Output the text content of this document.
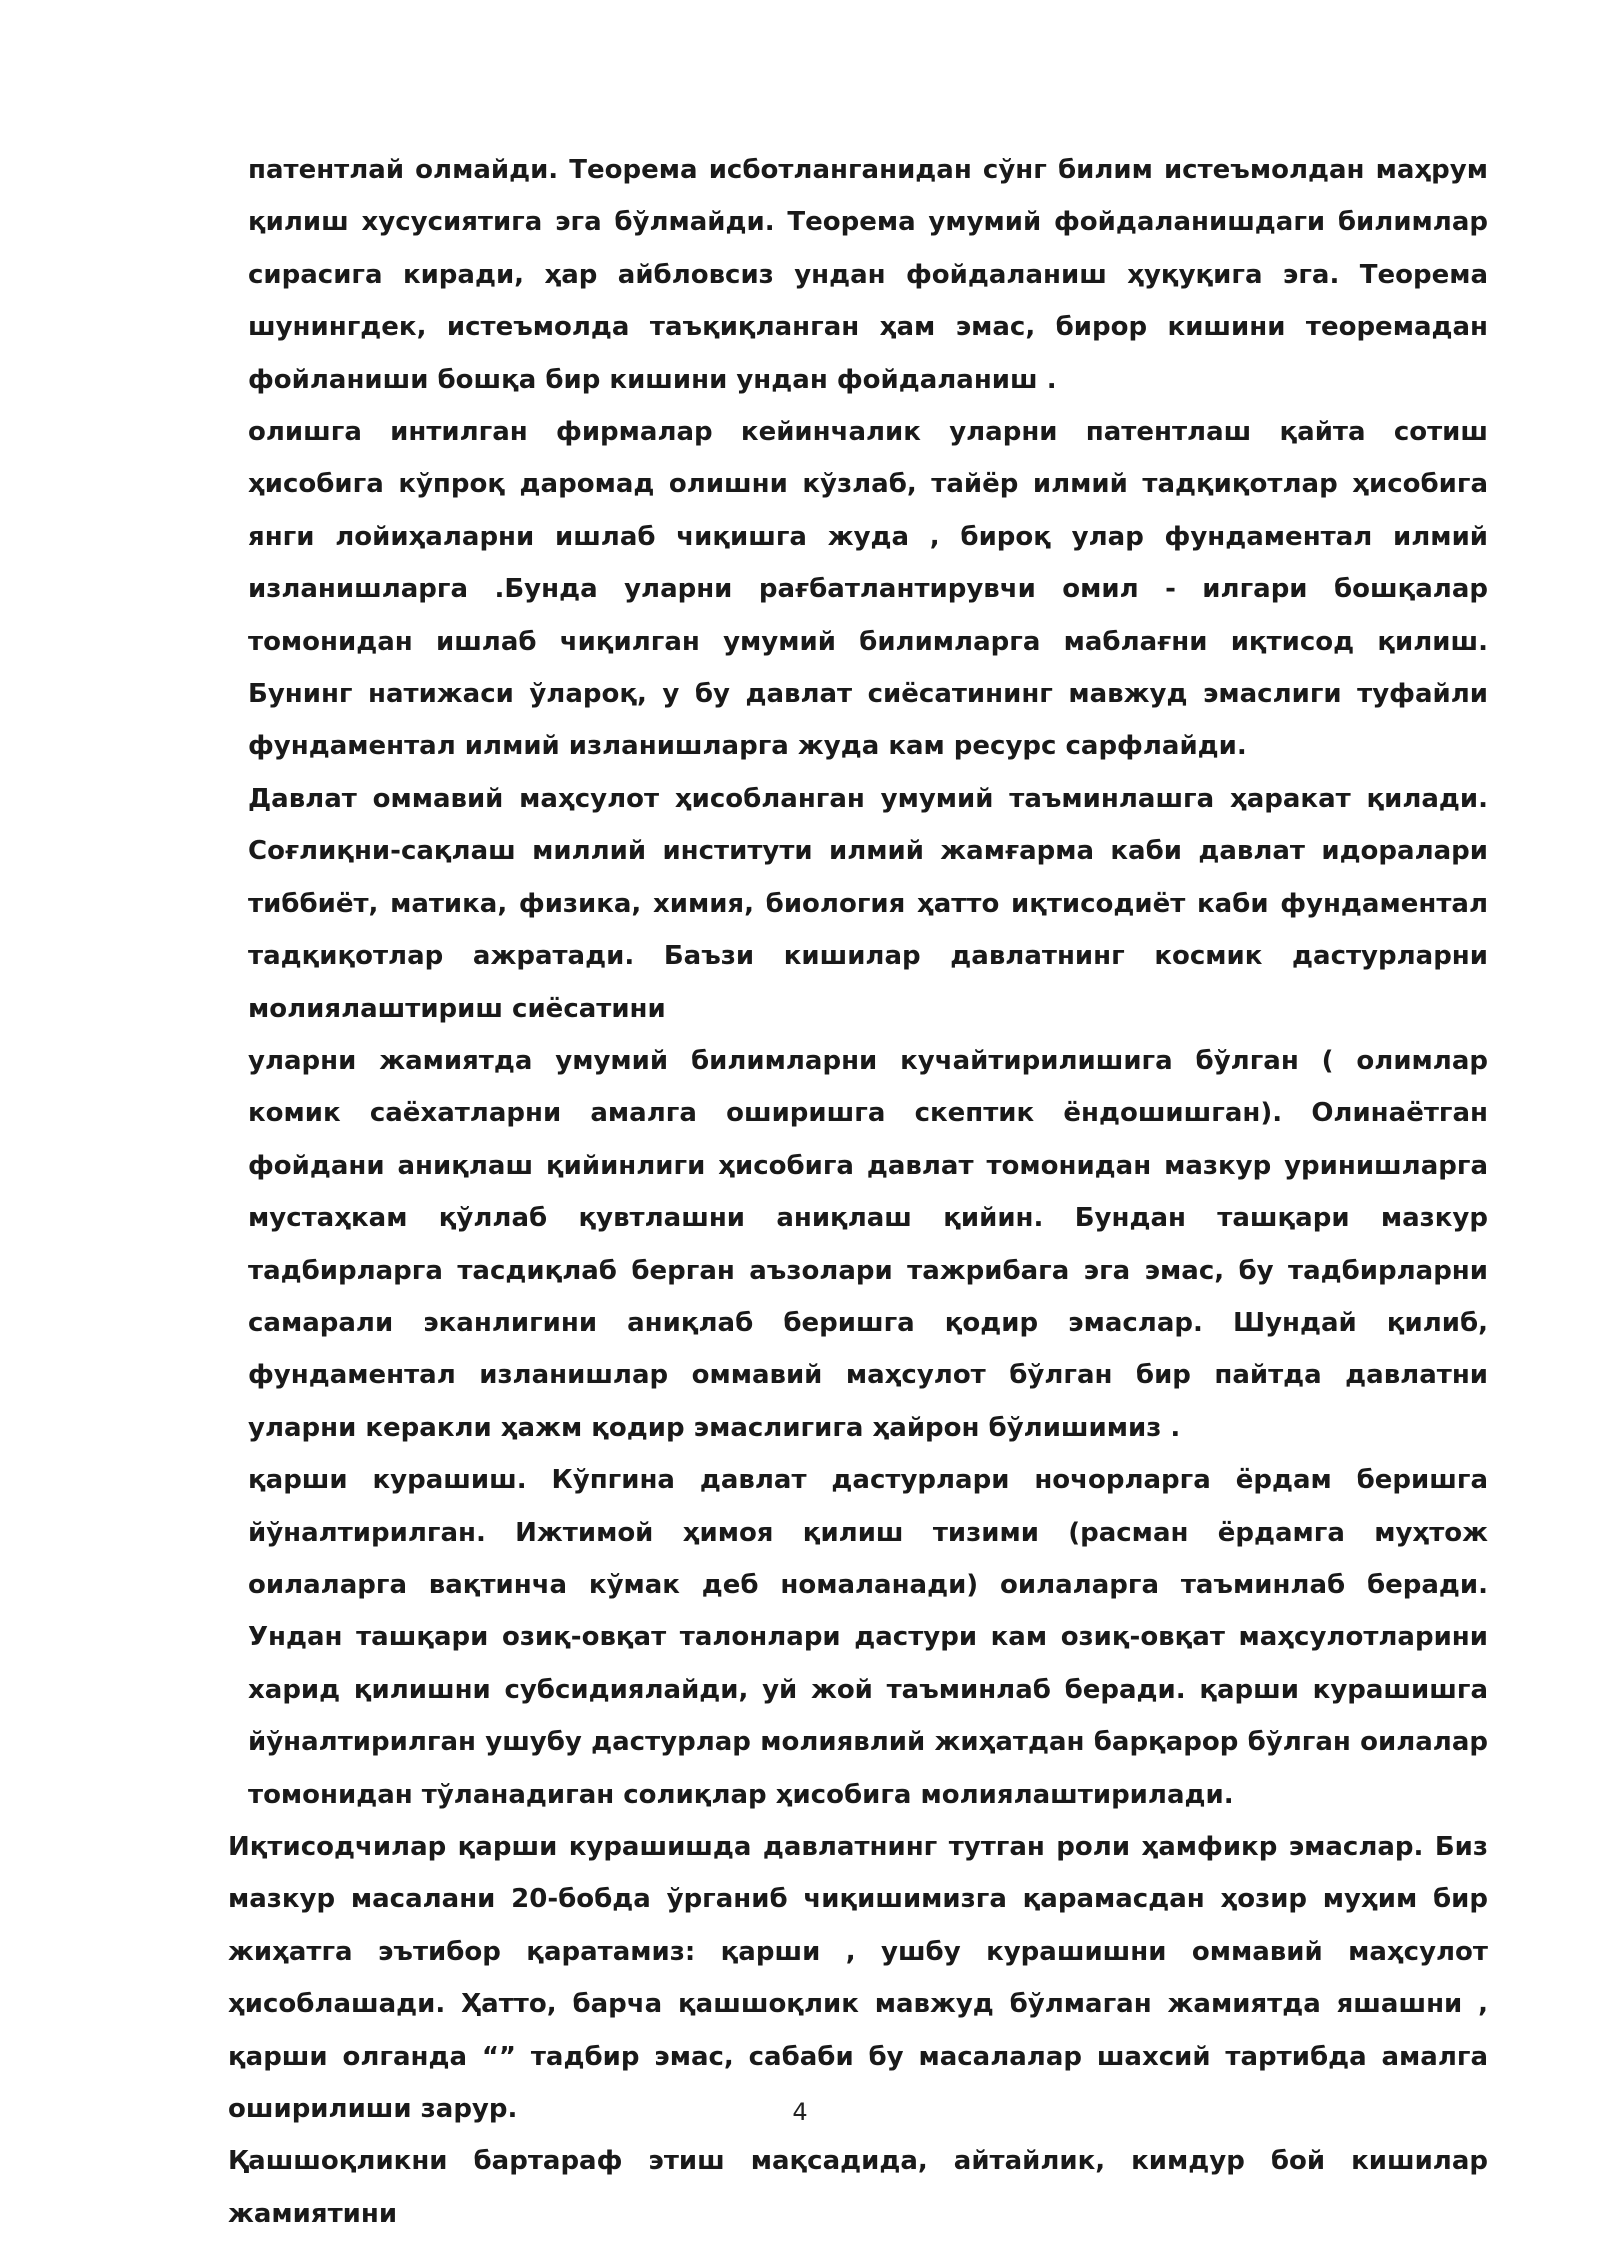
патентлай олмайди. Теорема исботланганидан сўнг билим истеъмолдан маҳрум қилиш хусусиятига эга бўлмайди. Теорема умумий фойдаланишдаги билимлар сирасига киради, ҳар айбловсиз ундан фойдаланиш ҳуқуқига эга. Теорема шунингдек, истеъмолда таъқиқланган ҳам эмас, бирор кишини теоремадан фойланиши бошқа бир кишини ундан фойдаланиш .

олишга интилган фирмалар кейинчалик уларни патентлаш қайта сотиш ҳисобига кўпроқ даромад олишни кўзлаб, тайёр илмий тадқиқотлар ҳисобига янги лойиҳаларни ишлаб чиқишга жуда , бироқ улар фундаментал илмий изланишларга .Бунда уларни рағбатлантирувчи омил - илгари бошқалар томонидан ишлаб чиқилган умумий билимларга маблағни иқтисод қилиш. Бунинг натижаси ўларoқ, у бу давлат сиёсатининг мавжуд эмаслиги туфайли фундаментал илмий изланишларга жуда кам ресурс сарфлайди.

Давлат оммавий маҳсулот ҳисобланган умумий таъминлашга ҳаракат қилади. Соғлиқни-сақлаш миллий институти илмий жамғарма каби давлат идоралари тиббиёт, матика, физика, химия, биология ҳатто иқтисодиёт каби фундаментал тадқиқотлар ажратади. Баъзи кишилар давлатнинг космик дастурларни молиялаштириш сиёсатини

уларни жамиятда умумий билимларни кучайтирилишига бўлган ( олимлар комик саёхатларни амалга оширишга скептик ёндошишган). Олинаётган фойдани аниқлаш қийинлиги ҳисобига давлат томонидан мазкур уринишларга мустаҳкам қўллаб қувтлашни аниқлаш қийин. Бундан ташқари мазкур тадбирларга тасдиқлаб берган аъзолари тажрибага эга эмас, бу тадбирларни самарали эканлигини аниқлаб беришга қодир эмаслар. Шундай қилиб, фундаментал изланишлар оммавий маҳсулот бўлган бир пайтда давлатни уларни керакли ҳажм қодир эмаслигига ҳайрон бўлишимиз .

қарши курашиш. Кўпгина давлат дастурлари ночорларга ёрдам беришга йўналтирилган. Ижтимой ҳимоя қилиш тизими (расман ёрдамга муҳтож оилаларга вақтинча кўмак деб номаланади) оилаларга таъминлаб беради. Ундан ташқари озиқ-овқат талонлари дастури кам озиқ-овқат маҳсулотларини харид қилишни субсидиялайди, уй жой таъминлаб беради. қарши курашишга йўналтирилган ушубу дастурлар молиявлий жиҳатдан барқарор бўлган оилалар томонидан тўланадиган солиқлар ҳисобига молиялаштирилади.

Иқтисодчилар қарши курашишда давлатнинг тутган роли ҳамфикр эмаслар. Биз мазкур масалани 20-бобда ўрганиб чиқишимизга қарамасдан ҳозир муҳим бир жиҳатга эътибор қаратамиз: қарши , ушбу курашишни оммавий маҳсулот ҳисоблашади. Ҳатто, барча қашшоқлик мавжуд бўлмаган жамиятда яшашни , қарши олганда “” тадбир эмас, сабаби бу масалалар шахсий тартибда амалга оширилиши зарур.

Қашшоқликни бартараф этиш мақсадида, айтайлик, кимдур бой кишилар жамиятини

4
